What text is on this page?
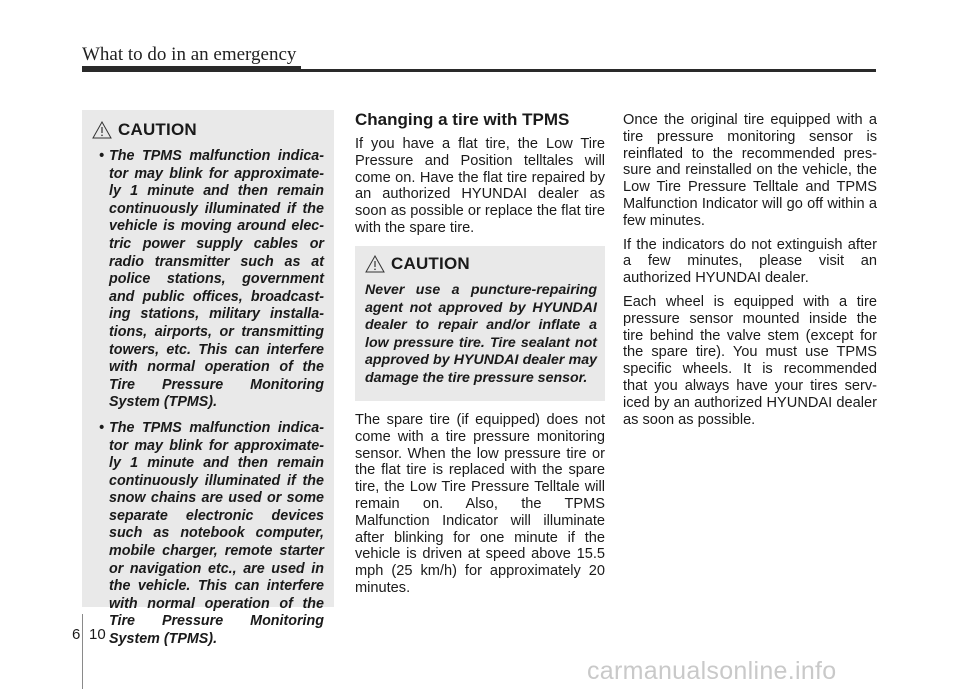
What to do in an emergency
CAUTION
• The TPMS malfunction indica- tor may blink for approximate- ly 1 minute and then remain continuously illuminated if the vehicle is moving around elec- tric power supply cables or radio transmitter such as at police stations, government and public offices, broadcast- ing stations, military installa- tions, airports, or transmitting towers, etc. This can interfere with normal operation of the Tire Pressure Monitoring System (TPMS).
• The TPMS malfunction indica- tor may blink for approximate- ly 1 minute and then remain continuously illuminated if the snow chains are used or some separate electronic devices such as notebook computer, mobile charger, remote starter or navigation etc., are used in the vehicle. This can interfere with normal operation of the Tire Pressure Monitoring System (TPMS).
Changing a tire with TPMS

If you have a flat tire, the Low Tire Pressure and Position telltales will come on. Have the flat tire repaired by an authorized HYUNDAI dealer as soon as possible or replace the flat tire with the spare tire.

CAUTION

Never use a puncture-repairing agent not approved by HYUNDAI dealer to repair and/or inflate a low pressure tire. Tire sealant not approved by HYUNDAI dealer may damage the tire pressure sensor.

The spare tire (if equipped) does not come with a tire pressure monitoring sensor. When the low pressure tire or the flat tire is replaced with the spare tire, the Low Tire Pressure Telltale will remain on. Also, the TPMS Malfunction Indicator will illuminate after blinking for one minute if the vehicle is driven at speed above 15.5 mph (25 km/h) for approximately 20 minutes.

Once the original tire equipped with a tire pressure monitoring sensor is reinflated to the recommended pres- sure and reinstalled on the vehicle, the Low Tire Pressure Telltale and TPMS Malfunction Indicator will go off within a few minutes.

If the indicators do not extinguish after a few minutes, please visit an authorized HYUNDAI dealer.

Each wheel is equipped with a tire pressure sensor mounted inside the tire behind the valve stem (except for the spare tire). You must use TPMS specific wheels. It is recommended that you always have your tires serv- iced by an authorized HYUNDAI dealer as soon as possible.

6 10
carmanualsonline.info
